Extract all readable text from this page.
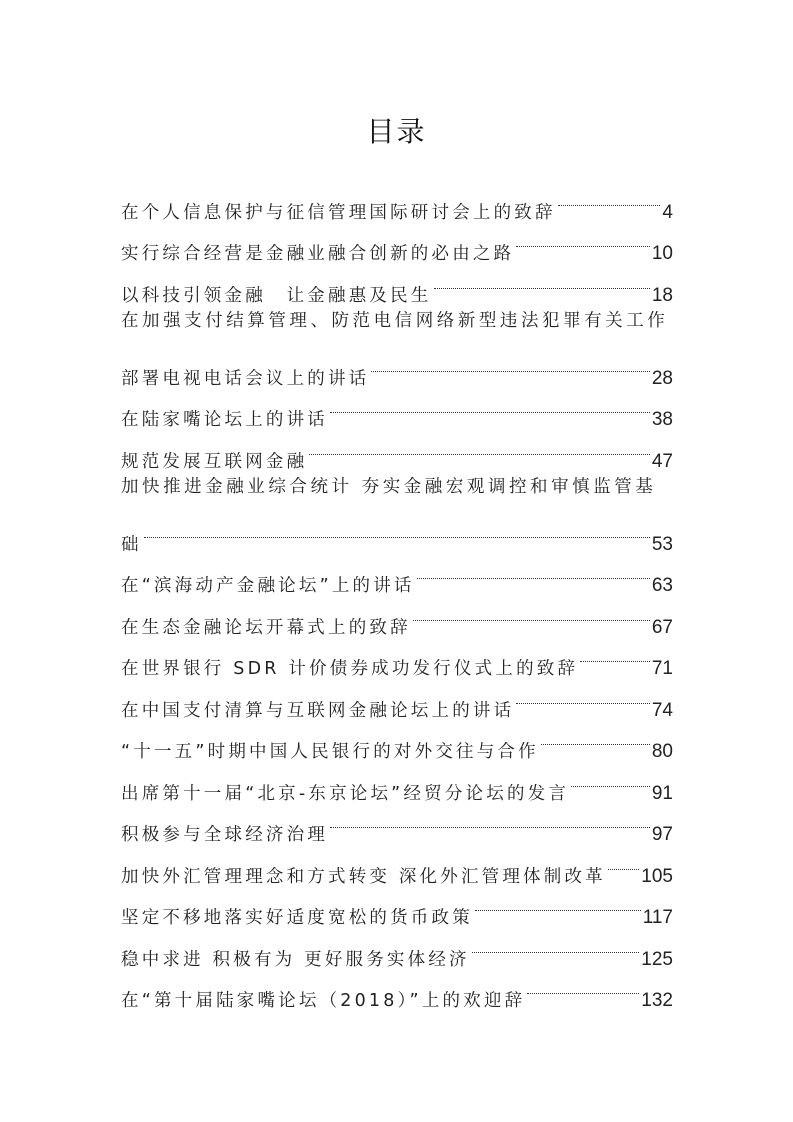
目录
在个人信息保护与征信管理国际研讨会上的致辞	4
实行综合经营是金融业融合创新的必由之路	10
以科技引领金融　让金融惠及民生	18
在加强支付结算管理、防范电信网络新型违法犯罪有关工作
部署电视电话会议上的讲话	28
在陆家嘴论坛上的讲话	38
规范发展互联网金融	47
加快推进金融业综合统计 夯实金融宏观调控和审慎监管基
础	53
在“滨海动产金融论坛”上的讲话	63
在生态金融论坛开幕式上的致辞	67
在世界银行 SDR 计价债券成功发行仪式上的致辞	71
在中国支付清算与互联网金融论坛上的讲话	74
“十一五”时期中国人民银行的对外交往与合作	80
出席第十一届“北京-东京论坛”经贸分论坛的发言	91
积极参与全球经济治理	97
加快外汇管理理念和方式转变 深化外汇管理体制改革 105
坚定不移地落实好适度宽松的货币政策	117
稳中求进 积极有为 更好服务实体经济	125
在“第十届陆家嘴论坛（2018）”上的欢迎辞	132
